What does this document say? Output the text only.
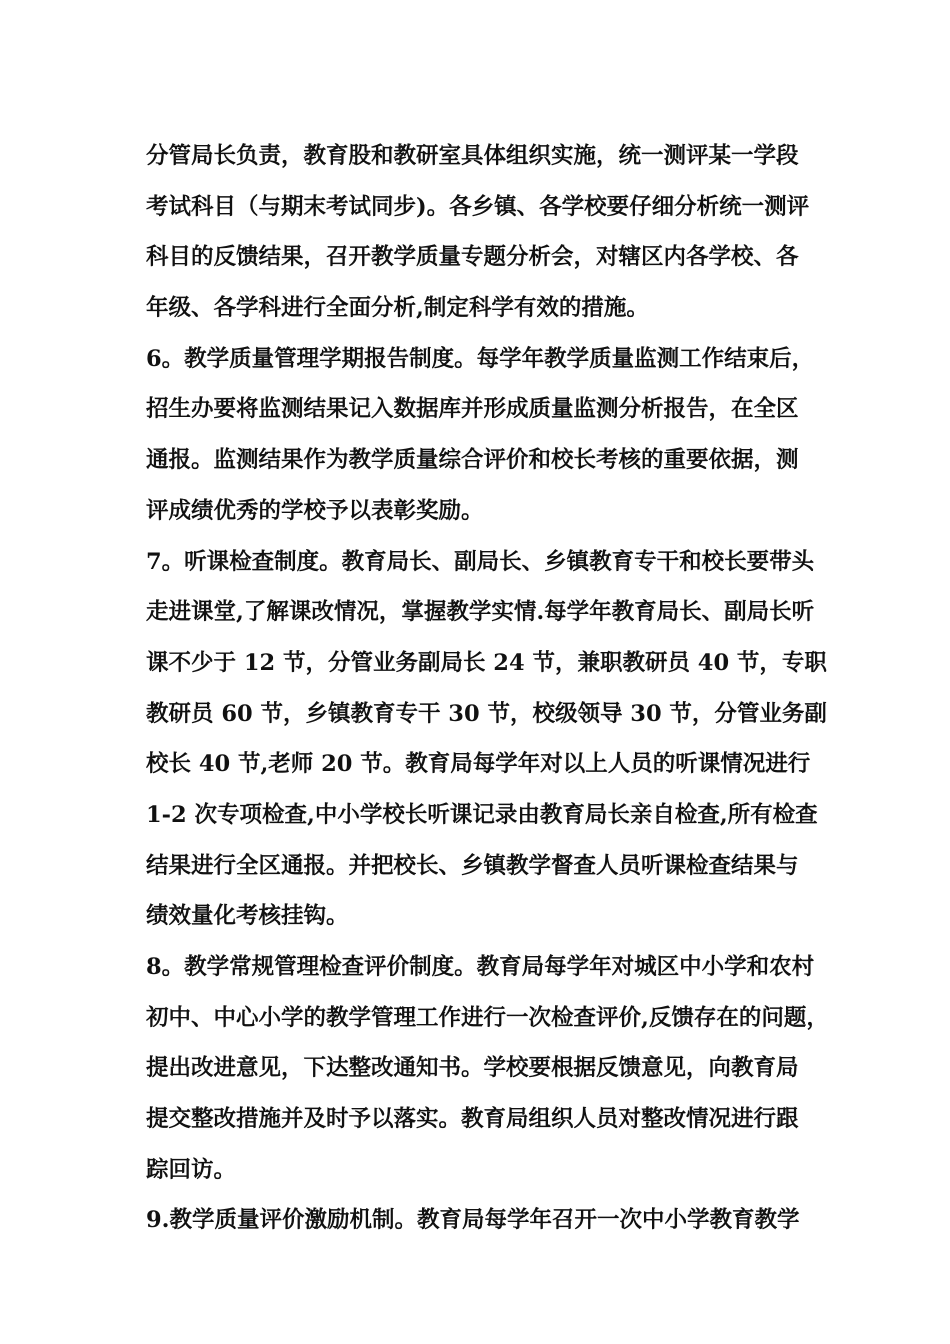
分管局长负责，教育股和教研室具体组织实施，统一测评某一学段
考试科目（与期末考试同步)。各乡镇、各学校要仔细分析统一测评
科目的反馈结果，召开教学质量专题分析会，对辖区内各学校、各
年级、各学科进行全面分析,制定科学有效的措施。
6。教学质量管理学期报告制度。每学年教学质量监测工作结束后，
招生办要将监测结果记入数据库并形成质量监测分析报告，在全区
通报。监测结果作为教学质量综合评价和校长考核的重要依据，测
评成绩优秀的学校予以表彰奖励。
7。听课检查制度。教育局长、副局长、乡镇教育专干和校长要带头
走进课堂,了解课改情况，掌握教学实情.每学年教育局长、副局长听
课不少于 12 节，分管业务副局长 24 节，兼职教研员 40 节，专职
教研员 60 节，乡镇教育专干 30 节，校级领导 30 节，分管业务副
校长 40 节,老师 20 节。教育局每学年对以上人员的听课情况进行
1-2 次专项检查,中小学校长听课记录由教育局长亲自检查,所有检查
结果进行全区通报。并把校长、乡镇教学督查人员听课检查结果与
绩效量化考核挂钩。
8。教学常规管理检查评价制度。教育局每学年对城区中小学和农村
初中、中心小学的教学管理工作进行一次检查评价,反馈存在的问题，
提出改进意见，下达整改通知书。学校要根据反馈意见，向教育局
提交整改措施并及时予以落实。教育局组织人员对整改情况进行跟
踪回访。
9.教学质量评价激励机制。教育局每学年召开一次中小学教育教学
